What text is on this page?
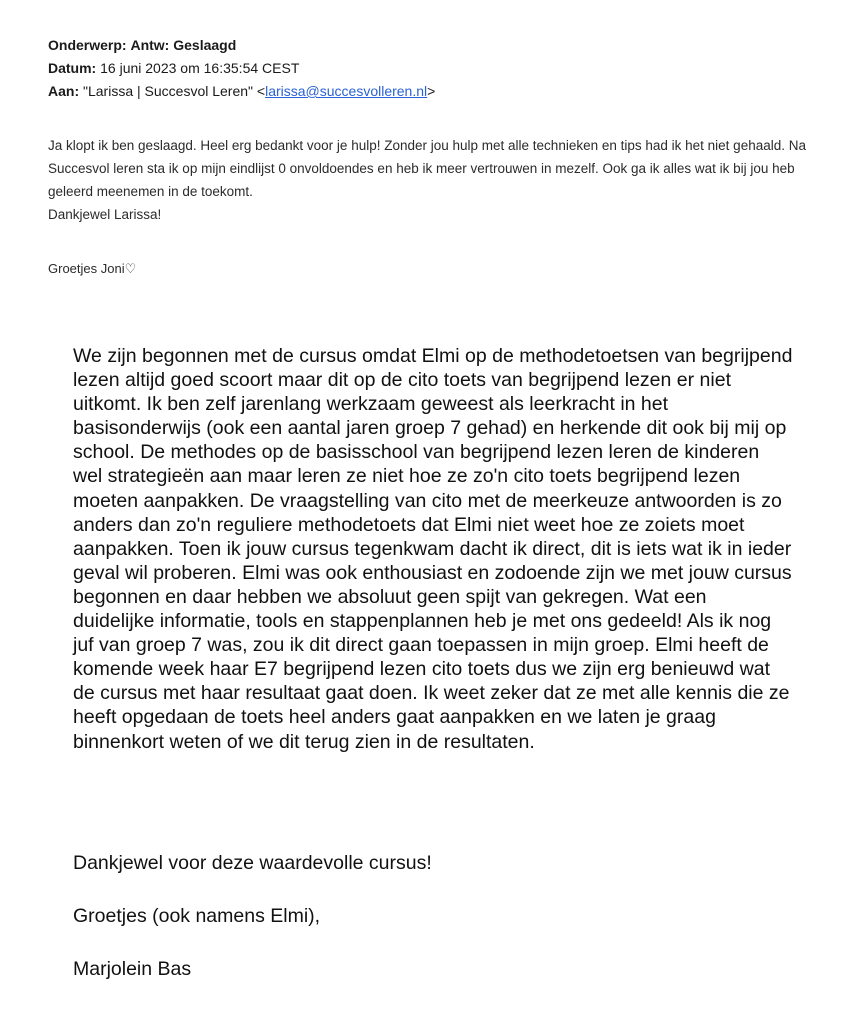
Onderwerp: Antw: Geslaagd
Datum: 16 juni 2023 om 16:35:54 CEST
Aan: "Larissa | Succesvol Leren" <larissa@succesvolleren.nl>

Ja klopt ik ben geslaagd. Heel erg bedankt voor je hulp! Zonder jou hulp met alle technieken en tips had ik het niet gehaald. Na Succesvol leren sta ik op mijn eindlijst 0 onvoldoendes en heb ik meer vertrouwen in mezelf. Ook ga ik alles wat ik bij jou heb geleerd meenemen in de toekomt.

Dankjewel Larissa!

Groetjes Joni♡

We zijn begonnen met de cursus omdat Elmi op de methodetoetsen van begrijpend lezen altijd goed scoort maar dit op de cito toets van begrijpend lezen er niet uitkomt. Ik ben zelf jarenlang werkzaam geweest als leerkracht in het basisonderwijs (ook een aantal jaren groep 7 gehad) en herkende dit ook bij mij op school. De methodes op de basisschool van begrijpend lezen leren de kinderen wel strategieën aan maar leren ze niet hoe ze zo'n cito toets begrijpend lezen moeten aanpakken. De vraagstelling van cito met de meerkeuze antwoorden is zo anders dan zo'n reguliere methodetoets dat Elmi niet weet hoe ze zoiets moet aanpakken. Toen ik jouw cursus tegenkwam dacht ik direct, dit is iets wat ik in ieder geval wil proberen. Elmi was ook enthousiast en zodoende zijn we met jouw cursus begonnen en daar hebben we absoluut geen spijt van gekregen. Wat een duidelijke informatie, tools en stappenplannen heb je met ons gedeeld! Als ik nog juf van groep 7 was, zou ik dit direct gaan toepassen in mijn groep. Elmi heeft de komende week haar E7 begrijpend lezen cito toets dus we zijn erg benieuwd wat de cursus met haar resultaat gaat doen. Ik weet zeker dat ze met alle kennis die ze heeft opgedaan de toets heel anders gaat aanpakken en we laten je graag binnenkort weten of we dit terug zien in de resultaten.

Dankjewel voor deze waardevolle cursus!
Groetjes (ook namens Elmi),
Marjolein Bas
